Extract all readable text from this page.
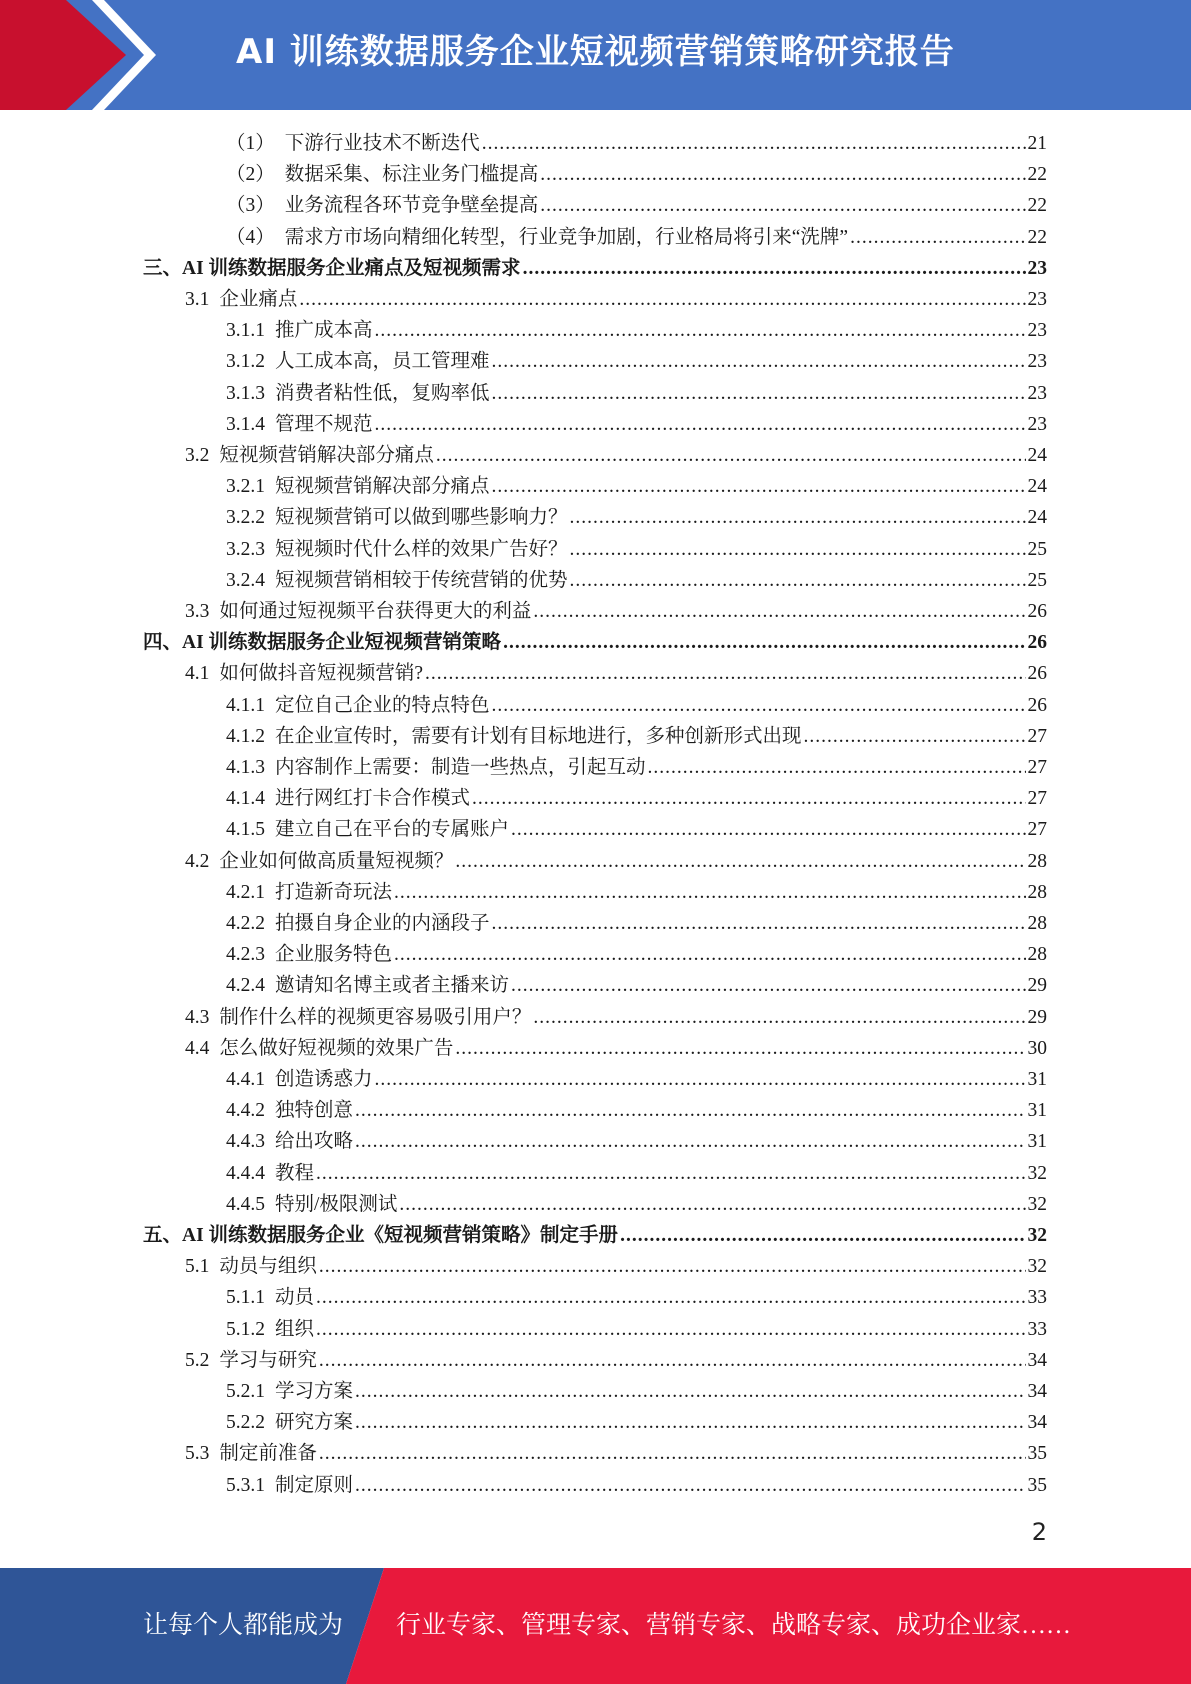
AI 训练数据服务企业短视频营销策略研究报告
（1） 下游行业技术不断迭代 .....	21
（2） 数据采集、标注业务门槛提高 .....	22
（3） 业务流程各环节竞争壁垒提高 .....	22
（4） 需求方市场向精细化转型，行业竞争加剧，行业格局将引来“洗牌” .....	22
三、 AI 训练数据服务企业痛点及短视频需求 .....	23
3.1 企业痛点 .....	23
3.1.1 推广成本高 .....	23
3.1.2 人工成本高，员工管理难 .....	23
3.1.3 消费者粘性低，复购率低 .....	23
3.1.4 管理不规范 .....	23
3.2 短视频营销解决部分痛点 .....	24
3.2.1 短视频营销解决部分痛点 .....	24
3.2.2 短视频营销可以做到哪些影响力？ .....	24
3.2.3 短视频时代什么样的效果广告好？ .....	25
3.2.4 短视频营销相较于传统营销的优势 .....	25
3.3 如何通过短视频平台获得更大的利益 .....	26
四、 AI 训练数据服务企业短视频营销策略 .....	26
4.1 如何做抖音短视频营销? .....	26
4.1.1 定位自己企业的特点特色 .....	26
4.1.2 在企业宣传时，需要有计划有目标地进行，多种创新形式出现 .....	27
4.1.3 内容制作上需要：制造一些热点，引起互动 .....	27
4.1.4 进行网红打卡合作模式 .....	27
4.1.5 建立自己在平台的专属账户 .....	27
4.2 企业如何做高质量短视频？ .....	28
4.2.1 打造新奇玩法 .....	28
4.2.2 拍摄自身企业的内涵段子 .....	28
4.2.3 企业服务特色 .....	28
4.2.4 邀请知名博主或者主播来访 .....	29
4.3 制作什么样的视频更容易吸引用户？ .....	29
4.4 怎么做好短视频的效果广告 .....	30
4.4.1 创造诱惑力 .....	31
4.4.2 独特创意 .....	31
4.4.3 给出攻略 .....	31
4.4.4 教程 .....	32
4.4.5 特别/极限测试 .....	32
五、 AI 训练数据服务企业《短视频营销策略》制定手册 .....	32
5.1 动员与组织 .....	32
5.1.1 动员 .....	33
5.1.2 组织 .....	33
5.2 学习与研究 .....	34
5.2.1 学习方案 .....	34
5.2.2 研究方案 .....	34
5.3 制定前准备 .....	35
5.3.1 制定原则 .....	35
2
让每个人都能成为 行业专家、管理专家、营销专家、战略专家、成功企业家……
